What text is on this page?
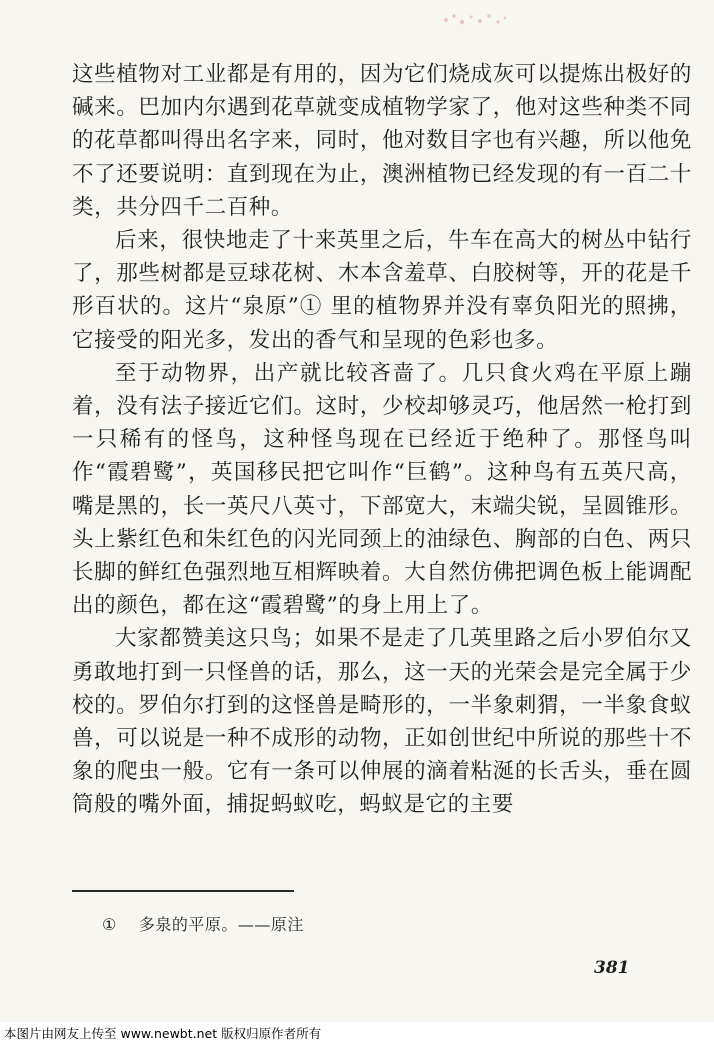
这些植物对工业都是有用的，因为它们烧成灰可以提炼出极好的碱来。巴加内尔遇到花草就变成植物学家了，他对这些种类不同的花草都叫得出名字来，同时，他对数目字也有兴趣，所以他免不了还要说明：直到现在为止，澳洲植物已经发现的有一百二十类，共分四千二百种。

后来，很快地走了十来英里之后，牛车在高大的树丛中钻行了，那些树都是豆球花树、木本含羞草、白胶树等，开的花是千形百状的。这片“泉原”① 里的植物界并没有辜负阳光的照拂，它接受的阳光多，发出的香气和呈现的色彩也多。

至于动物界，出产就比较吝啬了。几只食火鸡在平原上蹦着，没有法子接近它们。这时，少校却够灵巧，他居然一枪打到一只稀有的怪鸟，这种怪鸟现在已经近于绝种了。那怪鸟叫作“霞碧鹭”，英国移民把它叫作“巨鹤”。这种鸟有五英尺高，嘴是黑的，长一英尺八英寸，下部宽大，末端尖锐，呈圆锥形。头上紫红色和朱红色的闪光同颈上的油绿色、胸部的白色、两只长脚的鲜红色强烈地互相辉映着。大自然仿佛把调色板上能调配出的颜色，都在这“霞碧鹭”的身上用上了。

大家都赞美这只鸟；如果不是走了几英里路之后小罗伯尔又勇敢地打到一只怪兽的话，那么，这一天的光荣会是完全属于少校的。罗伯尔打到的这怪兽是畸形的，一半象刺猬，一半象食蚁兽，可以说是一种不成形的动物，正如创世纪中所说的那些十不象的爬虫一般。它有一条可以伸展的滴着粘涎的长舌头，垂在圆筒般的嘴外面，捕捉蚂蚁吃，蚂蚁是它的主要

① 多泉的平原。——原注
381
本图片由网友上传至 www.newbt.net 版权归原作者所有
